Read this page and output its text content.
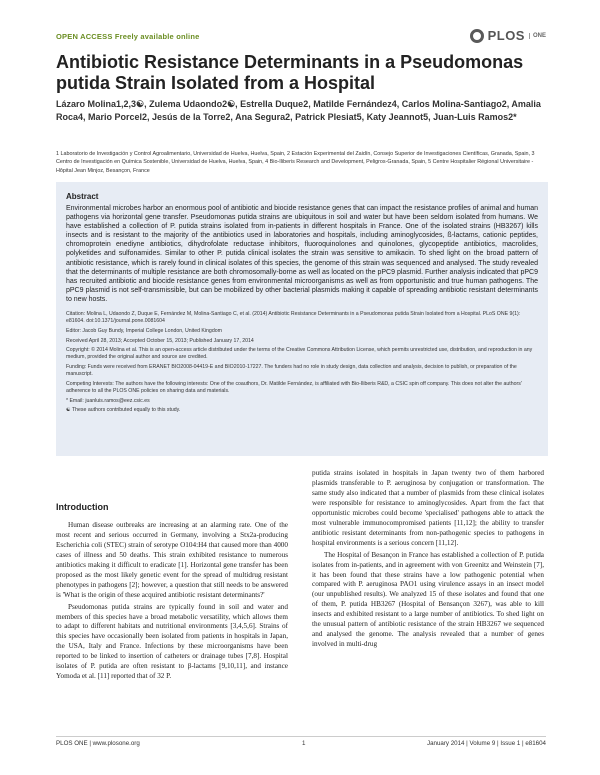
OPEN ACCESS Freely available online	PLOS	ONE
Antibiotic Resistance Determinants in a Pseudomonas putida Strain Isolated from a Hospital
Lázaro Molina1,2,3☯, Zulema Udaondo2☯, Estrella Duque2, Matilde Fernández4, Carlos Molina-Santiago2, Amalia Roca4, Mario Porcel2, Jesús de la Torre2, Ana Segura2, Patrick Plesiat5, Katy Jeannot5, Juan-Luis Ramos2*
1 Laboratorio de Investigación y Control Agroalimentario, Universidad de Huelva, Huelva, Spain, 2 Estación Experimental del Zaidín, Consejo Superior de Investigaciones Científicas, Granada, Spain, 3 Centro de Investigación en Química Sostenible, Universidad de Huelva, Huelva, Spain, 4 Bio-Iliberis Research and Development, Peligros-Granada, Spain, 5 Centre Hospitalier Régional Universitaire - Hôpital Jean Minjoz, Besançon, France
Abstract
Environmental microbes harbor an enormous pool of antibiotic and biocide resistance genes that can impact the resistance profiles of animal and human pathogens via horizontal gene transfer. Pseudomonas putida strains are ubiquitous in soil and water but have been seldom isolated from humans. We have established a collection of P. putida strains isolated from in-patients in different hospitals in France. One of the isolated strains (HB3267) kills insects and is resistant to the majority of the antibiotics used in laboratories and hospitals, including aminoglycosides, ß-lactams, cationic peptides, chromoprotein enediyne antibiotics, dihydrofolate reductase inhibitors, fluoroquinolones and quinolones, glycopeptide antibiotics, macrolides, polyketides and sulfonamides. Similar to other P. putida clinical isolates the strain was sensitive to amikacin. To shed light on the broad pattern of antibiotic resistance, which is rarely found in clinical isolates of this species, the genome of this strain was sequenced and analysed. The study revealed that the determinants of multiple resistance are both chromosomally-borne as well as located on the pPC9 plasmid. Further analysis indicated that pPC9 has recruited antibiotic and biocide resistance genes from environmental microorganisms as well as from opportunistic and true human pathogens. The pPC9 plasmid is not self-transmissible, but can be mobilized by other bacterial plasmids making it capable of spreading antibiotic resistant determinants to new hosts.

Citation: Molina L, Udaondo Z, Duque E, Fernández M, Molina-Santiago C, et al. (2014) Antibiotic Resistance Determinants in a Pseudomonas putida Strain Isolated from a Hospital. PLoS ONE 9(1): e81604. doi:10.1371/journal.pone.0081604

Editor: Jacob Guy Bundy, Imperial College London, United Kingdom

Received April 28, 2013; Accepted October 15, 2013; Published January 17, 2014

Copyright: © 2014 Molina et al. This is an open-access article distributed under the terms of the Creative Commons Attribution License, which permits unrestricted use, distribution, and reproduction in any medium, provided the original author and source are credited.

Funding: Funds were received from ERANET BIO2008-04419-E and BIO2010-17227. The funders had no role in study design, data collection and analysis, decision to publish, or preparation of the manuscript.

Competing Interests: The authors have the following interests: One of the coauthors, Dr. Matilde Fernández, is affiliated with Bio-Iliberis R&D, a CSIC spin off company. This does not alter the authors' adherence to all the PLOS ONE policies on sharing data and materials.

* Email: juanluis.ramos@eez.csic.es

☯ These authors contributed equally to this study.

Introduction

Human disease outbreaks are increasing at an alarming rate. One of the most recent and serious occurred in Germany, involving a Stx2a-producing Escherichia coli (STEC) strain of serotype O104:H4 that caused more than 4000 cases of illness and 50 deaths. This strain exhibited resistance to numerous antibiotics making it difficult to eradicate [1]. Horizontal gene transfer has been proposed as the most likely genetic event for the spread of multidrug resistant phenotypes in pathogens [2]; however, a question that still needs to be answered is 'What is the origin of these acquired antibiotic resistant determinants?'

Pseudomonas putida strains are typically found in soil and water and members of this species have a broad metabolic versatility, which allows them to adapt to different habitats and nutritional environments [3,4,5,6]. Strains of this species have occasionally been isolated from patients in hospitals in Japan, the USA, Italy and France. Infections by these microorganisms have been reported to be linked to insertion of catheters or drainage tubes [7,8]. Hospital isolates of P. putida are often resistant to β-lactams [9,10,11], and instance Yomoda et al. [11] reported that of 32 P.

putida strains isolated in hospitals in Japan twenty two of them harbored plasmids transferable to P. aeruginosa by conjugation or transformation. The same study also indicated that a number of plasmids from these clinical isolates were responsible for resistance to aminoglycosides. Apart from the fact that opportunistic microbes could become 'specialised' pathogens able to attack the most vulnerable immunocompromised patients [11,12]; the ability to transfer antibiotic resistant determinants from non-pathogenic species to pathogens in hospital environments is a serious concern [11,12].

The Hospital of Besançon in France has established a collection of P. putida isolates from in-patients, and in agreement with von Greenitz and Weinstein [7], it has been found that these strains have a low pathogenic potential when compared with P. aeruginosa PAO1 using virulence assays in an insect model (our unpublished results). We analyzed 15 of these isolates and found that one of them, P. putida HB3267 (Hospital of Bensançon 3267), was able to kill insects and exhibited resistant to a large number of antibiotics. To shed light on the unusual pattern of antibiotic resistance of the strain HB3267 we sequenced and analysed the genome. The analysis revealed that a number of genes involved in multi-drug

PLOS ONE | www.plosone.org	1	January 2014 | Volume 9 | Issue 1 | e81604
